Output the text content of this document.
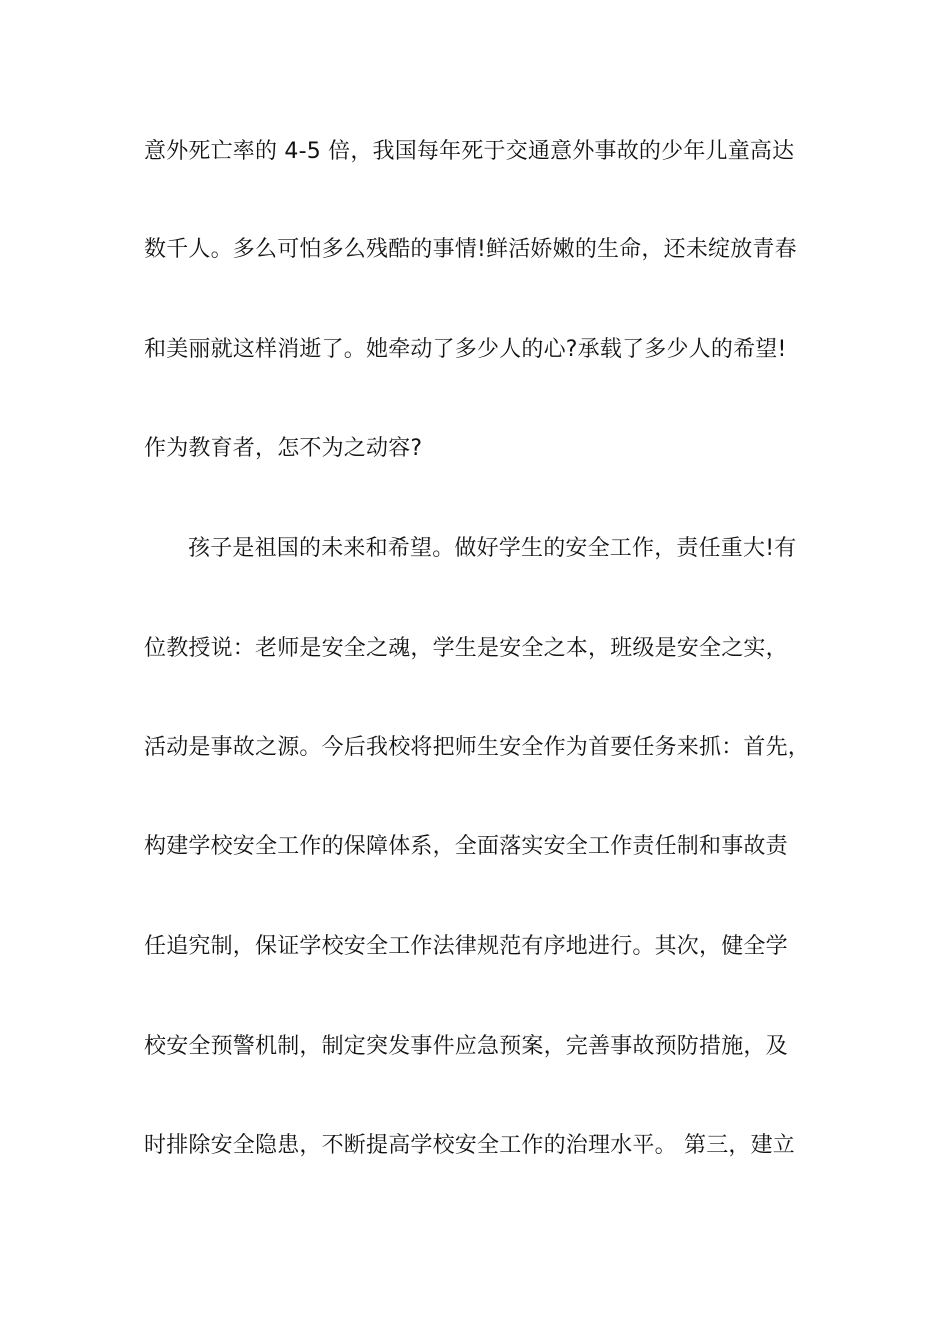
意外死亡率的 4-5 倍，我国每年死于交通意外事故的少年儿童高达
数千人。多么可怕多么残酷的事情!鲜活娇嫩的生命，还未绽放青春
和美丽就这样消逝了。她牵动了多少人的心?承载了多少人的希望!
作为教育者，怎不为之动容?
孩子是祖国的未来和希望。做好学生的安全工作，责任重大!有
位教授说：老师是安全之魂，学生是安全之本，班级是安全之实，
活动是事故之源。今后我校将把师生安全作为首要任务来抓：首先，
构建学校安全工作的保障体系，全面落实安全工作责任制和事故责
任追究制，保证学校安全工作法律规范有序地进行。其次，健全学
校安全预警机制，制定突发事件应急预案，完善事故预防措施，及
时排除安全隐患，不断提高学校安全工作的治理水平。 第三，建立
